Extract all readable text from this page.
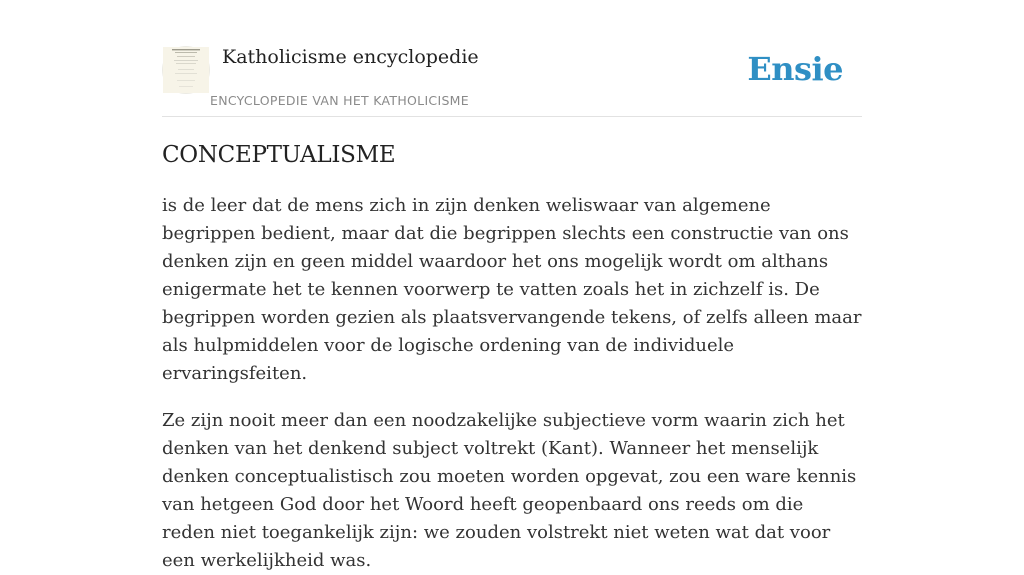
Katholicisme encyclopedie
ENCYCLOPEDIE VAN HET KATHOLICISME
Ensie
CONCEPTUALISME

is de leer dat de mens zich in zijn denken weliswaar van algemene begrippen bedient, maar dat die begrippen slechts een constructie van ons denken zijn en geen middel waardoor het ons mogelijk wordt om althans enigermate het te kennen voorwerp te vatten zoals het in zichzelf is. De begrippen worden gezien als plaatsvervangende tekens, of zelfs alleen maar als hulpmiddelen voor de logische ordening van de individuele ervaringsfeiten.

Ze zijn nooit meer dan een noodzakelijke subjectieve vorm waarin zich het denken van het denkend subject voltrekt (Kant). Wanneer het menselijk denken conceptualistisch zou moeten worden opgevat, zou een ware kennis van hetgeen God door het Woord heeft geopenbaard ons reeds om die reden niet toegankelijk zijn: we zouden volstrekt niet weten wat dat voor een werkelijkheid was.
